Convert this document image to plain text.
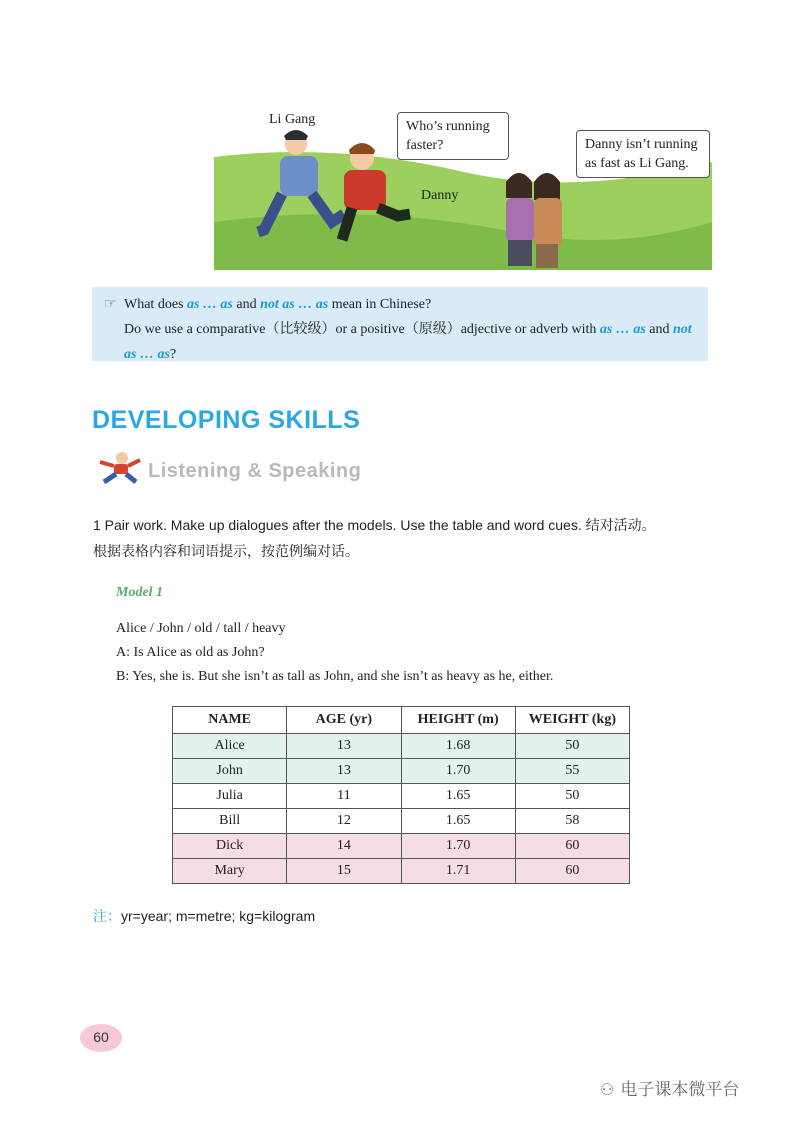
Li Gang
Danny
Who’s running faster?	Danny isn’t running as fast as Li Gang.
☞ What does as … as and not as … as mean in Chinese?
Do we use a comparative（比较级）or a positive（原级）adjective or adverb with as … as and not as … as?
DEVELOPING SKILLS
Listening & Speaking
1 Pair work. Make up dialogues after the models. Use the table and word cues. 结对活动。
根据表格内容和词语提示，按范例编对话。
Model 1
Alice / John / old / tall / heavy
A: Is Alice as old as John?
B: Yes, she is. But she isn’t as tall as John, and she isn’t as heavy as he, either.
NAME	AGE (yr)	HEIGHT (m)	WEIGHT (kg)
Alice	13	1.68	50
John	13	1.70	55
Julia	11	1.65	50
Bill	12	1.65	58
Dick	14	1.70	60
Mary	15	1.71	60
注：yr=year; m=metre; kg=kilogram
60
⚇ 电子课本微平台
